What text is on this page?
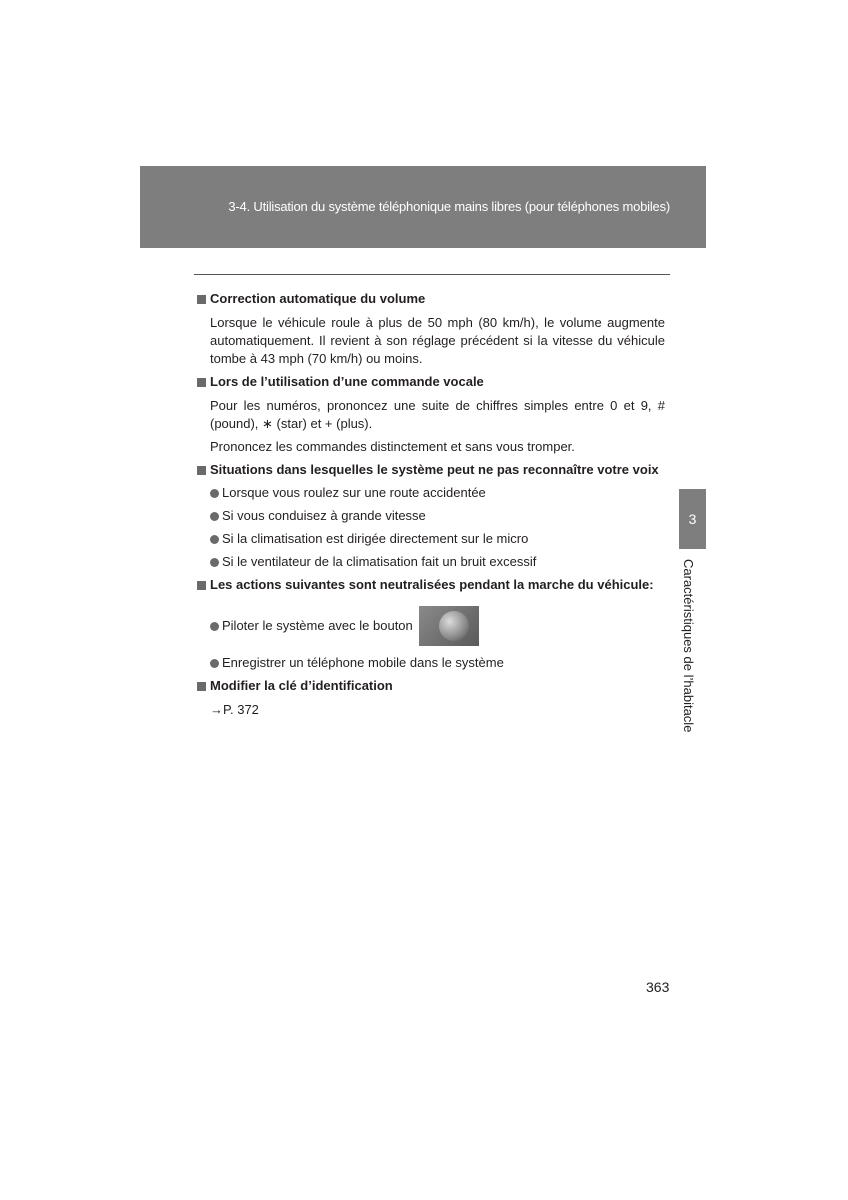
3-4. Utilisation du système téléphonique mains libres (pour téléphones mobiles)

Correction automatique du volume

Lorsque le véhicule roule à plus de 50 mph (80 km/h), le volume augmente automatiquement. Il revient à son réglage précédent si la vitesse du véhicule tombe à 43 mph (70 km/h) ou moins.

Lors de l’utilisation d’une commande vocale

Pour les numéros, prononcez une suite de chiffres simples entre 0 et 9, # (pound), ∗ (star) et + (plus).

Prononcez les commandes distinctement et sans vous tromper.

Situations dans lesquelles le système peut ne pas reconnaître votre voix

Lorsque vous roulez sur une route accidentée
Si vous conduisez à grande vitesse
Si la climatisation est dirigée directement sur le micro
Si le ventilateur de la climatisation fait un bruit excessif

Les actions suivantes sont neutralisées pendant la marche du véhicule:

Piloter le système avec le bouton
Enregistrer un téléphone mobile dans le système

Modifier la clé d’identification

→P. 372

3
Caractéristiques de l’habitacle
363
